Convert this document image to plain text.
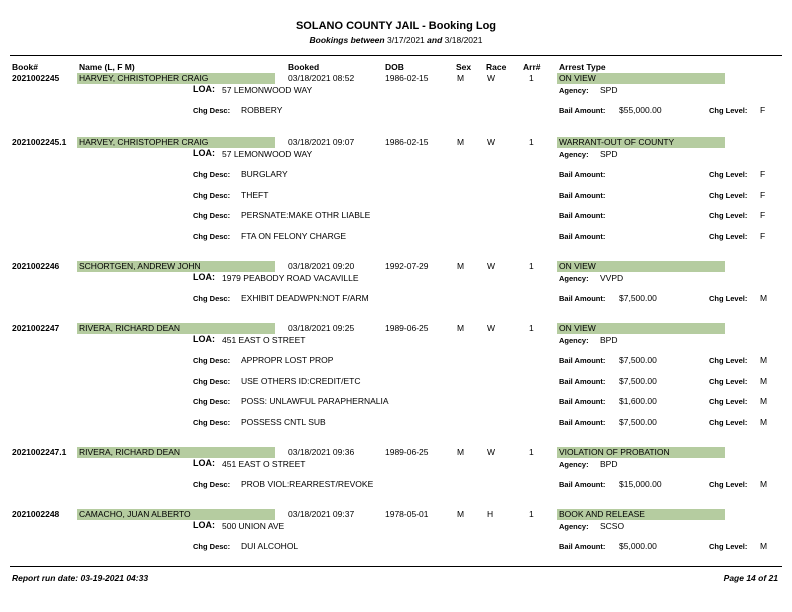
SOLANO COUNTY JAIL - Booking Log
Bookings between 3/17/2021 and 3/18/2021
Book#	Name (L, F M)	Booked	DOB	Sex Race Arr# Arrest Type
2021002245 HARVEY, CHRISTOPHER CRAIG	03/18/2021 08:52	1986-02-15	M	W	1	ON VIEW
LOA: 57 LEMONWOOD WAY	Agency: SPD
Chg Desc: ROBBERY	Bail Amount: $55,000.00	Chg Level: F
2021002245.1 HARVEY, CHRISTOPHER CRAIG	03/18/2021 09:07	1986-02-15	M	W	1	WARRANT-OUT OF COUNTY
LOA: 57 LEMONWOOD WAY	Agency: SPD
Chg Desc: BURGLARY	Bail Amount:	Chg Level: F
Chg Desc: THEFT	Bail Amount:	Chg Level: F
Chg Desc: PERSNATE:MAKE OTHR LIABLE	Bail Amount:	Chg Level: F
Chg Desc: FTA ON FELONY CHARGE	Bail Amount:	Chg Level: F
2021002246 SCHORTGEN, ANDREW JOHN	03/18/2021 09:20	1992-07-29	M	W	1	ON VIEW
LOA: 1979 PEABODY ROAD VACAVILLE	Agency: VVPD
Chg Desc: EXHIBIT DEADWPN:NOT F/ARM	Bail Amount: $7,500.00	Chg Level: M
2021002247 RIVERA, RICHARD DEAN	03/18/2021 09:25	1989-06-25	M	W	1	ON VIEW
LOA: 451 EAST O STREET	Agency: BPD
Chg Desc: APPROPR LOST PROP	Bail Amount: $7,500.00	Chg Level: M
Chg Desc: USE OTHERS ID:CREDIT/ETC	Bail Amount: $7,500.00	Chg Level: M
Chg Desc: POSS: UNLAWFUL PARAPHERNALIA	Bail Amount: $1,600.00	Chg Level: M
Chg Desc: POSSESS CNTL SUB	Bail Amount: $7,500.00	Chg Level: M
2021002247.1 RIVERA, RICHARD DEAN	03/18/2021 09:36	1989-06-25	M	W	1	VIOLATION OF PROBATION
LOA: 451 EAST O STREET	Agency: BPD
Chg Desc: PROB VIOL:REARREST/REVOKE	Bail Amount: $15,000.00	Chg Level: M
2021002248 CAMACHO, JUAN ALBERTO	03/18/2021 09:37	1978-05-01	M	H	1	BOOK AND RELEASE
LOA: 500 UNION AVE	Agency: SCSO
Chg Desc: DUI ALCOHOL	Bail Amount: $5,000.00	Chg Level: M
Report run date: 03-19-2021 04:33	Page 14 of 21
